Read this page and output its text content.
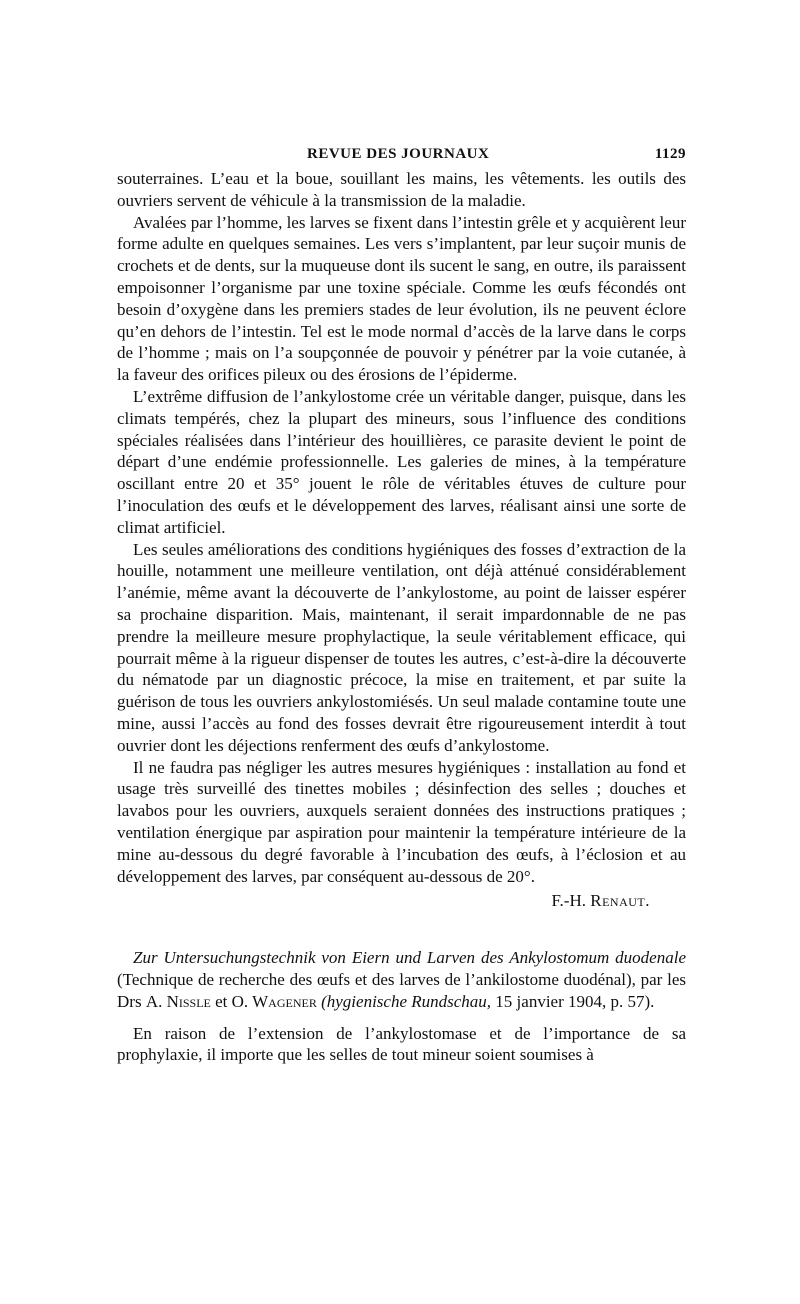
REVUE DES JOURNAUX	1129

souterraines. L’eau et la boue, souillant les mains, les vêtements. les outils des ouvriers servent de véhicule à la transmission de la maladie.

Avalées par l’homme, les larves se fixent dans l’intestin grêle et y acquièrent leur forme adulte en quelques semaines. Les vers s’implantent, par leur suçoir munis de crochets et de dents, sur la muqueuse dont ils sucent le sang, en outre, ils paraissent empoisonner l’organisme par une toxine spéciale. Comme les œufs fécondés ont besoin d’oxygène dans les premiers stades de leur évolution, ils ne peuvent éclore qu’en dehors de l’intestin. Tel est le mode normal d’accès de la larve dans le corps de l’homme ; mais on l’a soupçonnée de pouvoir y pénétrer par la voie cutanée, à la faveur des orifices pileux ou des érosions de l’épiderme.

L’extrême diffusion de l’ankylostome crée un véritable danger, puisque, dans les climats tempérés, chez la plupart des mineurs, sous l’influence des conditions spéciales réalisées dans l’intérieur des houillières, ce parasite devient le point de départ d’une endémie professionnelle. Les galeries de mines, à la température oscillant entre 20 et 35° jouent le rôle de véritables étuves de culture pour l’inoculation des œufs et le développement des larves, réalisant ainsi une sorte de climat artificiel.

Les seules améliorations des conditions hygiéniques des fosses d’extraction de la houille, notamment une meilleure ventilation, ont déjà atténué considérablement l’anémie, même avant la découverte de l’ankylostome, au point de laisser espérer sa prochaine disparition. Mais, maintenant, il serait impardonnable de ne pas prendre la meilleure mesure prophylactique, la seule véritablement efficace, qui pourrait même à la rigueur dispenser de toutes les autres, c’est-à-dire la découverte du nématode par un diagnostic précoce, la mise en traitement, et par suite la guérison de tous les ouvriers ankylostomiésés. Un seul malade contamine toute une mine, aussi l’accès au fond des fosses devrait être rigoureusement interdit à tout ouvrier dont les déjections renferment des œufs d’ankylostome.

Il ne faudra pas négliger les autres mesures hygiéniques : installation au fond et usage très surveillé des tinettes mobiles ; désinfection des selles ; douches et lavabos pour les ouvriers, auxquels seraient données des instructions pratiques ; ventilation énergique par aspiration pour maintenir la température intérieure de la mine au-dessous du degré favorable à l’incubation des œufs, à l’éclosion et au développement des larves, par conséquent au-dessous de 20°.

F.-H. Renaut.

Zur Untersuchungstechnik von Eiern und Larven des Ankylostomum duodenale (Technique de recherche des œufs et des larves de l’ankilostome duodénal), par les Drs A. Nissle et O. Wagener (hygienische Rundschau, 15 janvier 1904, p. 57).

En raison de l’extension de l’ankylostomase et de l’importance de sa prophylaxie, il importe que les selles de tout mineur soient soumises à
